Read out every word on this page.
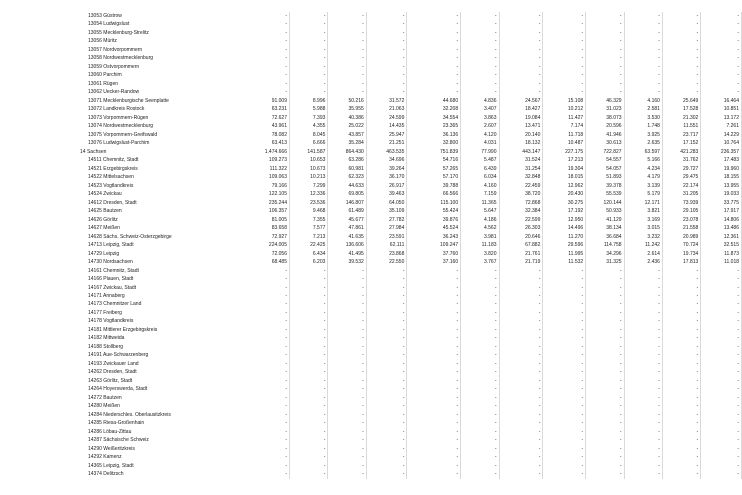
13053 Güstrow	-	-	-	-	-	-	-	-	-	-	-	-
13054 Ludwigslust	-	-	-	-	-	-	-	-	-	-	-	-
13055 Mecklenburg-Strelitz	-	-	-	-	-	-	-	-	-	-	-	-
13056 Müritz	-	-	-	-	-	-	-	-	-	-	-	-
13057 Nordvorpommern	-	-	-	-	-	-	-	-	-	-	-	-
13058 Nordwestmecklenburg	-	-	-	-	-	-	-	-	-	-	-	-
13059 Ostvorpommern	-	-	-	-	-	-	-	-	-	-	-	-
13060 Parchim	-	-	-	-	-	-	-	-	-	-	-	-
13061 Rügen	-	-	-	-	-	-	-	-	-	-	-	-
13062 Uecker-Randow	-	-	-	-	-	-	-	-	-	-	-	-
13071 Mecklenburgische Seenplatte	91.009	8.996	50.216	31.572	44.680	4.836	24.567	15.108	46.329	4.160	25.649	16.464
13072 Landkreis Rostock	63.231	5.988	35.955	21.063	32.208	3.407	18.427	10.212	31.023	2.581	17.528	10.851
13073 Vorpommern-Rügen	72.627	7.393	40.386	24.599	34.554	3.863	19.084	11.427	38.073	3.530	21.302	13.172
13074 Nordwestmecklenburg	43.961	4.355	25.022	14.435	23.365	2.607	13.471	7.174	20.596	1.748	11.551	7.261
13075 Vorpommern-Greifswald	78.082	8.045	43.857	25.947	36.136	4.120	20.140	11.718	41.946	3.925	23.717	14.229
13076 Ludwigslust-Parchim	63.413	6.666	35.284	21.251	32.800	4.031	18.132	10.487	30.613	2.635	17.152	10.764
14 Sachsen	1.474.666	141.587	864.430	463.535	751.839	77.990	443.147	227.175	722.827	63.597	421.283	236.357
14511 Chemnitz, Stadt	109.273	10.653	63.286	34.696	54.716	5.487	31.524	17.213	54.557	5.166	31.762	17.483
14521 Erzgebirgskreis	111.322	10.673	60.981	39.264	57.265	6.439	31.254	19.304	54.057	4.234	29.727	19.960
14522 Mittelsachsen	109.063	10.213	62.323	36.170	57.170	6.034	32.848	18.015	51.893	4.179	29.475	18.155
14523 Vogtlandkreis	79.166	7.299	44.633	26.917	39.788	4.160	22.459	12.962	39.378	3.139	22.174	13.955
14524 Zwickau	122.105	12.336	69.805	39.463	66.566	7.159	38.720	20.430	55.539	5.179	31.205	19.033
14612 Dresden, Stadt	235.244	23.536	146.807	64.050	115.100	11.365	72.868	30.275	120.144	12.171	73.939	33.775
14625 Bautzen	106.357	9.468	61.489	35.109	55.424	5.647	32.384	17.192	50.933	3.821	29.105	17.917
14626 Görlitz	81.005	7.355	45.677	27.782	39.876	4.186	22.599	12.950	41.129	3.169	23.078	14.806
14627 Meißen	83.658	7.577	47.861	27.984	45.524	4.562	26.303	14.496	38.134	3.015	21.558	13.486
14628 Sächs. Schweiz-Osterzgebirge	72.927	7.213	41.635	23.591	36.243	3.981	20.646	11.270	36.684	3.232	20.989	12.361
14713 Leipzig, Stadt	224.005	22.425	136.606	62.111	109.247	11.183	67.882	29.596	114.758	11.242	70.724	32.515
14729 Leipzig	72.056	6.434	41.495	23.868	37.760	3.820	21.761	11.995	34.296	2.614	19.734	11.873
14730 Nordsachsen	68.485	6.203	39.532	22.550	37.160	3.767	21.719	11.532	31.325	2.436	17.813	11.018
14161 Chemnitz, Stadt	-	-	-	-	-	-	-	-	-	-	-	-
14166 Plauen, Stadt	-	-	-	-	-	-	-	-	-	-	-	-
14167 Zwickau, Stadt	-	-	-	-	-	-	-	-	-	-	-	-
14171 Annaberg	-	-	-	-	-	-	-	-	-	-	-	-
14173 Chemnitzer Land	-	-	-	-	-	-	-	-	-	-	-	-
14177 Freiberg	-	-	-	-	-	-	-	-	-	-	-	-
14178 Vogtlandkreis	-	-	-	-	-	-	-	-	-	-	-	-
14181 Mittlerer Erzgebirgskreis	-	-	-	-	-	-	-	-	-	-	-	-
14182 Mittweida	-	-	-	-	-	-	-	-	-	-	-	-
14188 Stollberg	-	-	-	-	-	-	-	-	-	-	-	-
14191 Aue-Schwarzenberg	-	-	-	-	-	-	-	-	-	-	-	-
14193 Zwickauer Land	-	-	-	-	-	-	-	-	-	-	-	-
14262 Dresden, Stadt	-	-	-	-	-	-	-	-	-	-	-	-
14263 Görlitz, Stadt	-	-	-	-	-	-	-	-	-	-	-	-
14264 Hoyerswerda, Stadt	-	-	-	-	-	-	-	-	-	-	-	-
14272 Bautzen	-	-	-	-	-	-	-	-	-	-	-	-
14280 Meißen	-	-	-	-	-	-	-	-	-	-	-	-
14284 Niederschles. Oberlausitzkreis	-	-	-	-	-	-	-	-	-	-	-	-
14285 Riesa-Großenhain	-	-	-	-	-	-	-	-	-	-	-	-
14286 Löbau-Zittau	-	-	-	-	-	-	-	-	-	-	-	-
14287 Sächsische Schweiz	-	-	-	-	-	-	-	-	-	-	-	-
14290 Weißeritzkreis	-	-	-	-	-	-	-	-	-	-	-	-
14292 Kamenz	-	-	-	-	-	-	-	-	-	-	-	-
14365 Leipzig, Stadt	-	-	-	-	-	-	-	-	-	-	-	-
14374 Delitzsch	-	-	-	-	-	-	-	-	-	-	-	-
